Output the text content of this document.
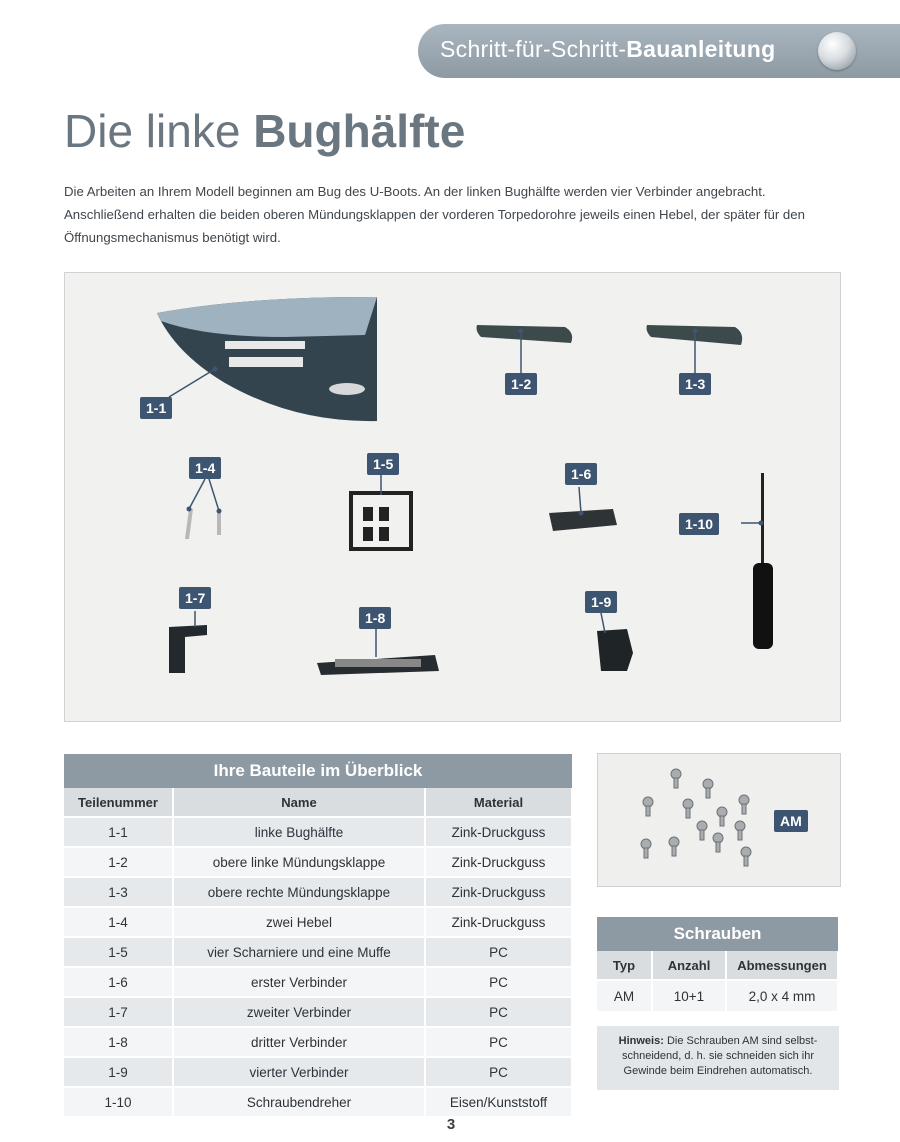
Schritt-für-Schritt-Bauanleitung
Die linke Bughälfte
Die Arbeiten an Ihrem Modell beginnen am Bug des U-Boots. An der linken Bughälfte werden vier Verbinder angebracht. Anschließend erhalten die beiden oberen Mündungsklappen der vorderen Torpedorohre jeweils einen Hebel, der später für den Öffnungsmechanismus benötigt wird.
1-1
1-2	1-3
1-4	1-5
1-6
1-10
1-7
1-8
1-9
Ihre Bauteile im Überblick		
Teilenummer	Name	Material
1-1	linke Bughälfte	Zink-Druckguss
1-2	obere linke Mündungsklappe	Zink-Druckguss
1-3	obere rechte Mündungsklappe	Zink-Druckguss
1-4	zwei Hebel	Zink-Druckguss
1-5	vier Scharniere und eine Muffe	PC
1-6	erster Verbinder	PC
1-7	zweiter Verbinder	PC
1-8	dritter Verbinder	PC
1-9	vierter Verbinder	PC
1-10	Schraubendreher	Eisen/Kunststoff
AM
Schrauben		
Typ	Anzahl	Abmessungen
AM	10+1	2,0 x 4 mm
Hinweis: Die Schrauben AM sind selbst-schneidend, d. h. sie schneiden sich ihr Gewinde beim Eindrehen automatisch.
3
